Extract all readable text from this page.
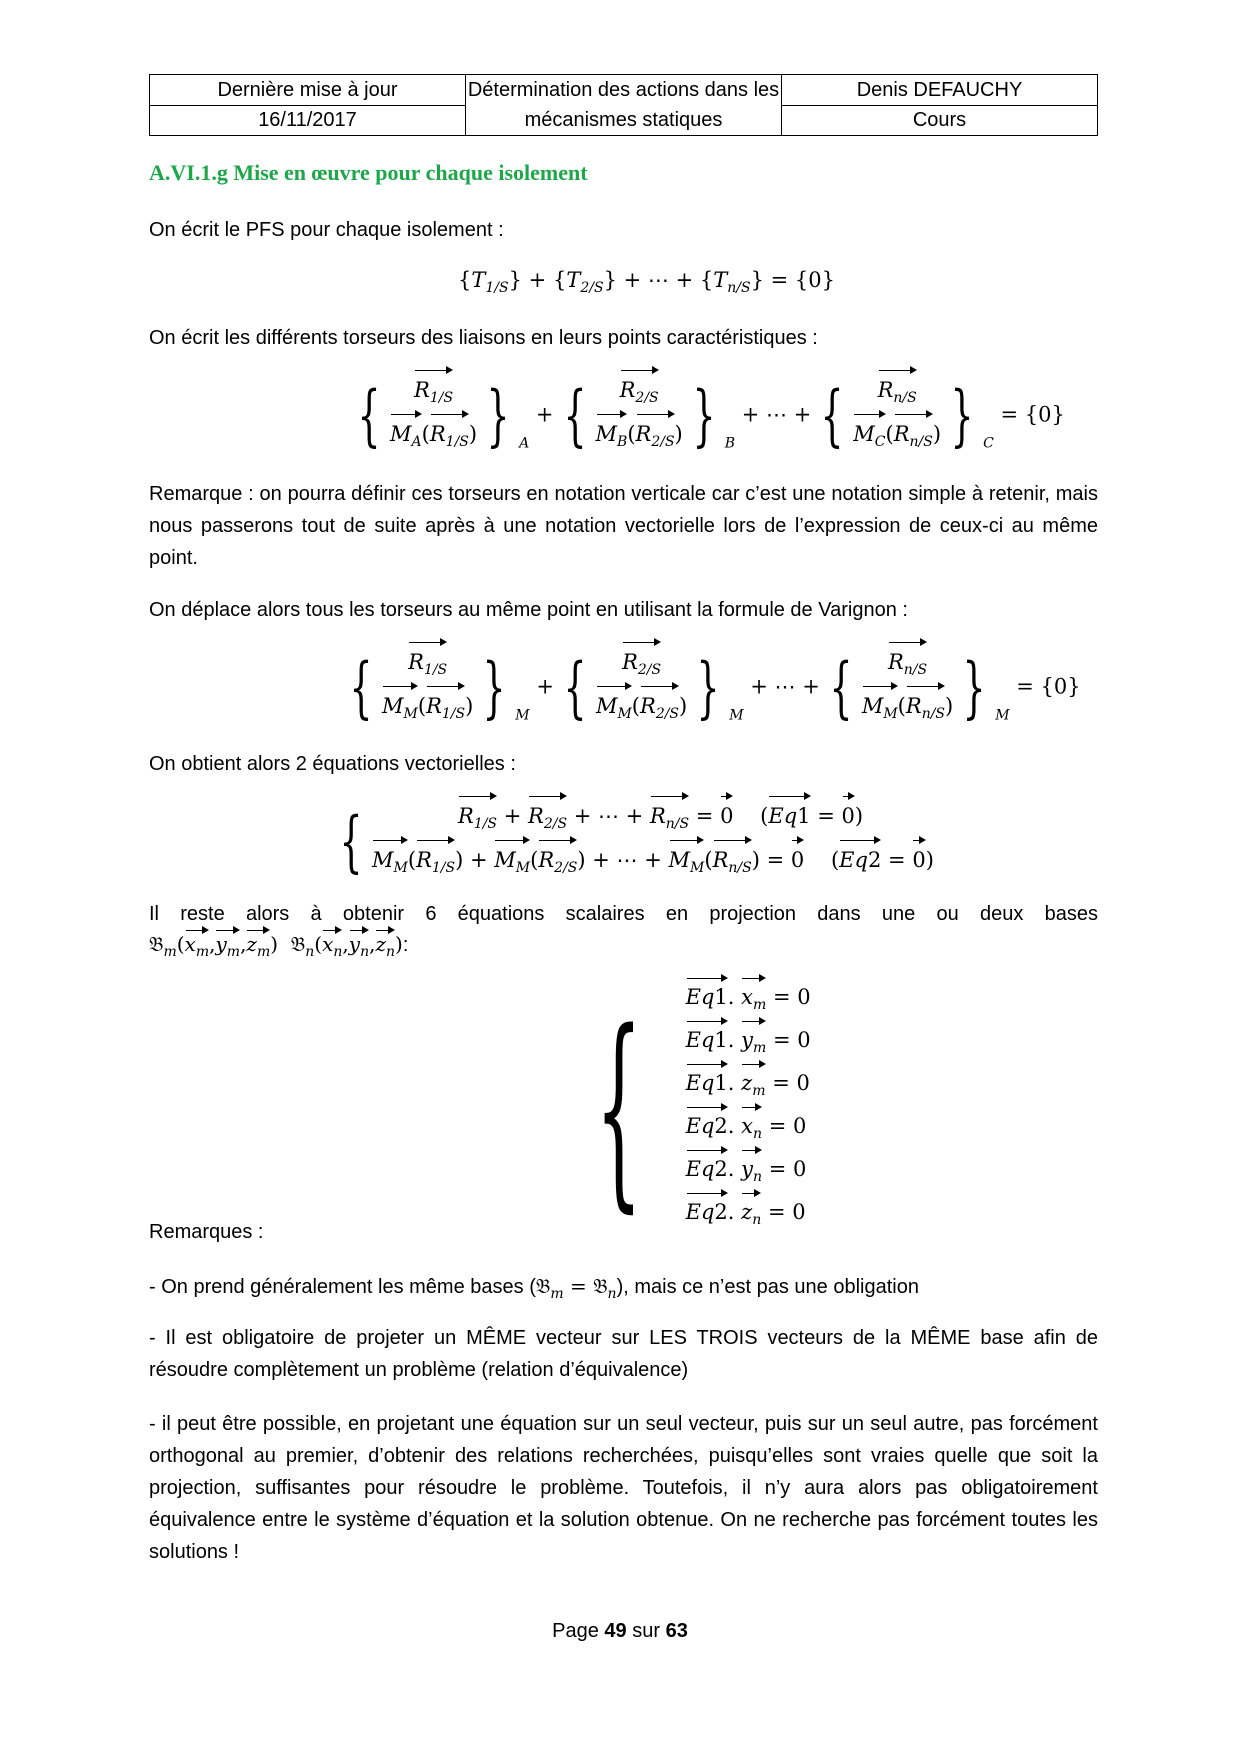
Dernière mise à jour	Détermination des actions dans les mécanismes statiques	Denis DEFAUCHY
16/11/2017		Cours
A.VI.1.g Mise en œuvre pour chaque isolement
On écrit le PFS pour chaque isolement :
$\{T_{1/S}\} + \{T_{2/S}\}$ + ⋯ + $\{T_{n/S}\} = \{0\}$
On écrit les différents torseurs des liaisons en leurs points caractéristiques :
{ $R_{1/S}$
$M_A(R_{1/S})$ } $_A$ + { $R_{2/S}$
$M_B(R_{2/S})$ } $_B$ + ⋯ + { $R_{n/S}$
$M_C(R_{n/S})$ } $_C$ = {0}
Remarque : on pourra définir ces torseurs en notation verticale car c’est une notation simple à retenir, mais nous passerons tout de suite après à une notation vectorielle lors de l’expression de ceux-ci au même point.
On déplace alors tous les torseurs au même point en utilisant la formule de Varignon :
{ $R_{1/S}$
$M_M(R_{1/S})$ } $_M$ + { $R_{2/S}$
$M_M(R_{2/S})$ } $_M$ + ⋯ + { $R_{n/S}$
$M_M(R_{n/S})$ } $_M$ = {0}
On obtient alors 2 équations vectorielles :
{	$R_{1/S} + R_{2/S}$ + ⋯ + $R_{n/S} = 0$ (Eq1 = 0)
$M_M(R_{1/S}) + M_M(R_{2/S})$ + ⋯ + $M_M(R_{n/S}) = 0$ (Eq2 = 0)
Il reste alors à obtenir 6 équations scalaires en projection dans une ou deux bases
$𝔅_m(x_m,y_m,z_m)$ $𝔅_n(x_n,y_n,z_n)$:
{ Eq1. $x_m = 0$
Eq1. $y_m = 0$
Eq1. $z_m = 0$
Eq2. $x_n = 0$
Eq2. $y_n = 0$
Eq2. $z_n = 0$
Remarques :
- On prend généralement les même bases (𝔅$_m$ = 𝔅$_n$), mais ce n’est pas une obligation
- Il est obligatoire de projeter un MÊME vecteur sur LES TROIS vecteurs de la MÊME base afin de résoudre complètement un problème (relation d’équivalence)
- il peut être possible, en projetant une équation sur un seul vecteur, puis sur un seul autre, pas forcément orthogonal au premier, d’obtenir des relations recherchées, puisqu’elles sont vraies quelle que soit la projection, suffisantes pour résoudre le problème. Toutefois, il n’y aura alors pas obligatoirement équivalence entre le système d’équation et la solution obtenue. On ne recherche pas forcément toutes les solutions !
Page 49 sur 63
